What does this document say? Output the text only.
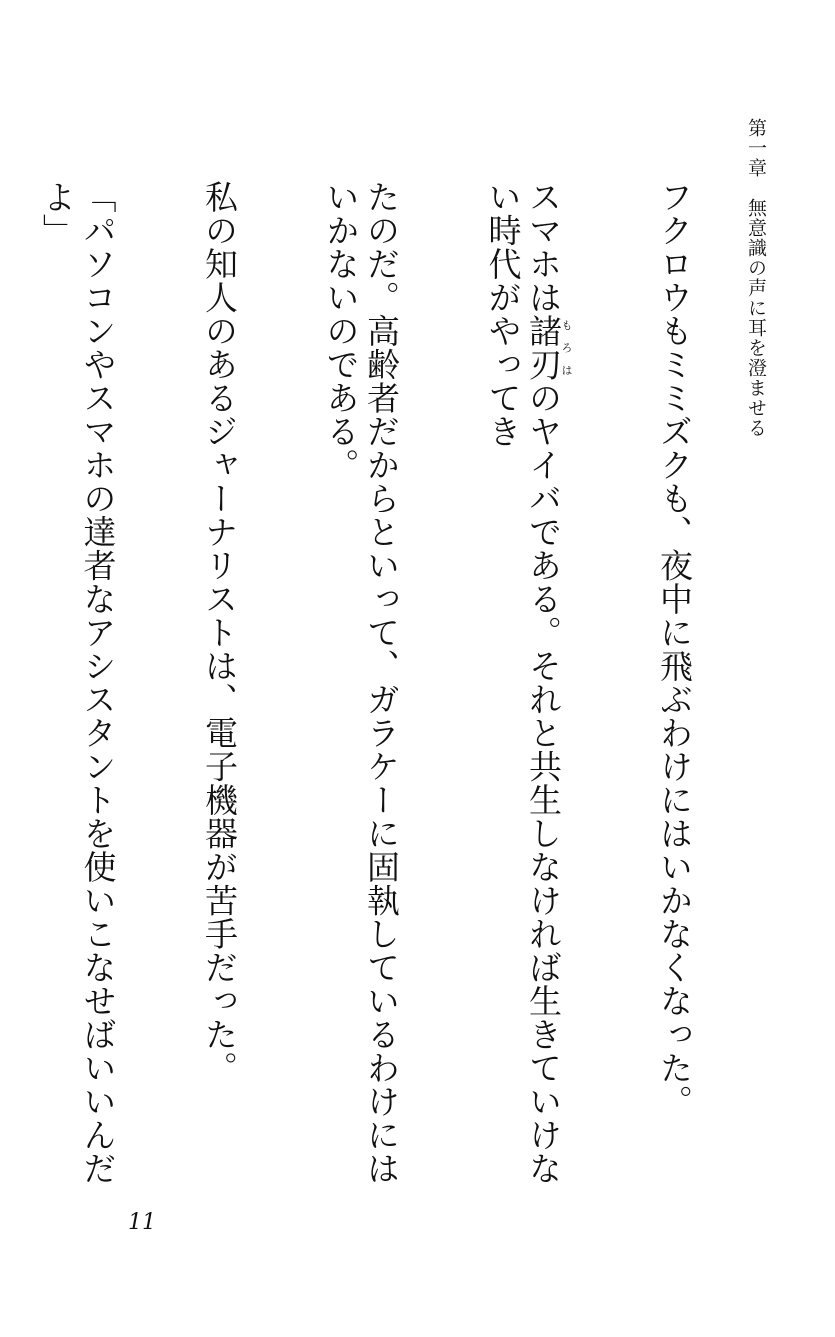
第一章　無意識の声に耳を澄ませる

フクロウもミミズクも、夜中に飛ぶわけにはいかなくなった。

スマホは諸刃もろはのヤイバである。それと共生しなければ生きていけない時代がやってき

たのだ。高齢者だからといって、ガラケーに固執しているわけにはいかないのである。

私の知人のあるジャーナリストは、電子機器が苦手だった。

「パソコンやスマホの達者なアシスタントを使いこなせばいいんだよ」

11
